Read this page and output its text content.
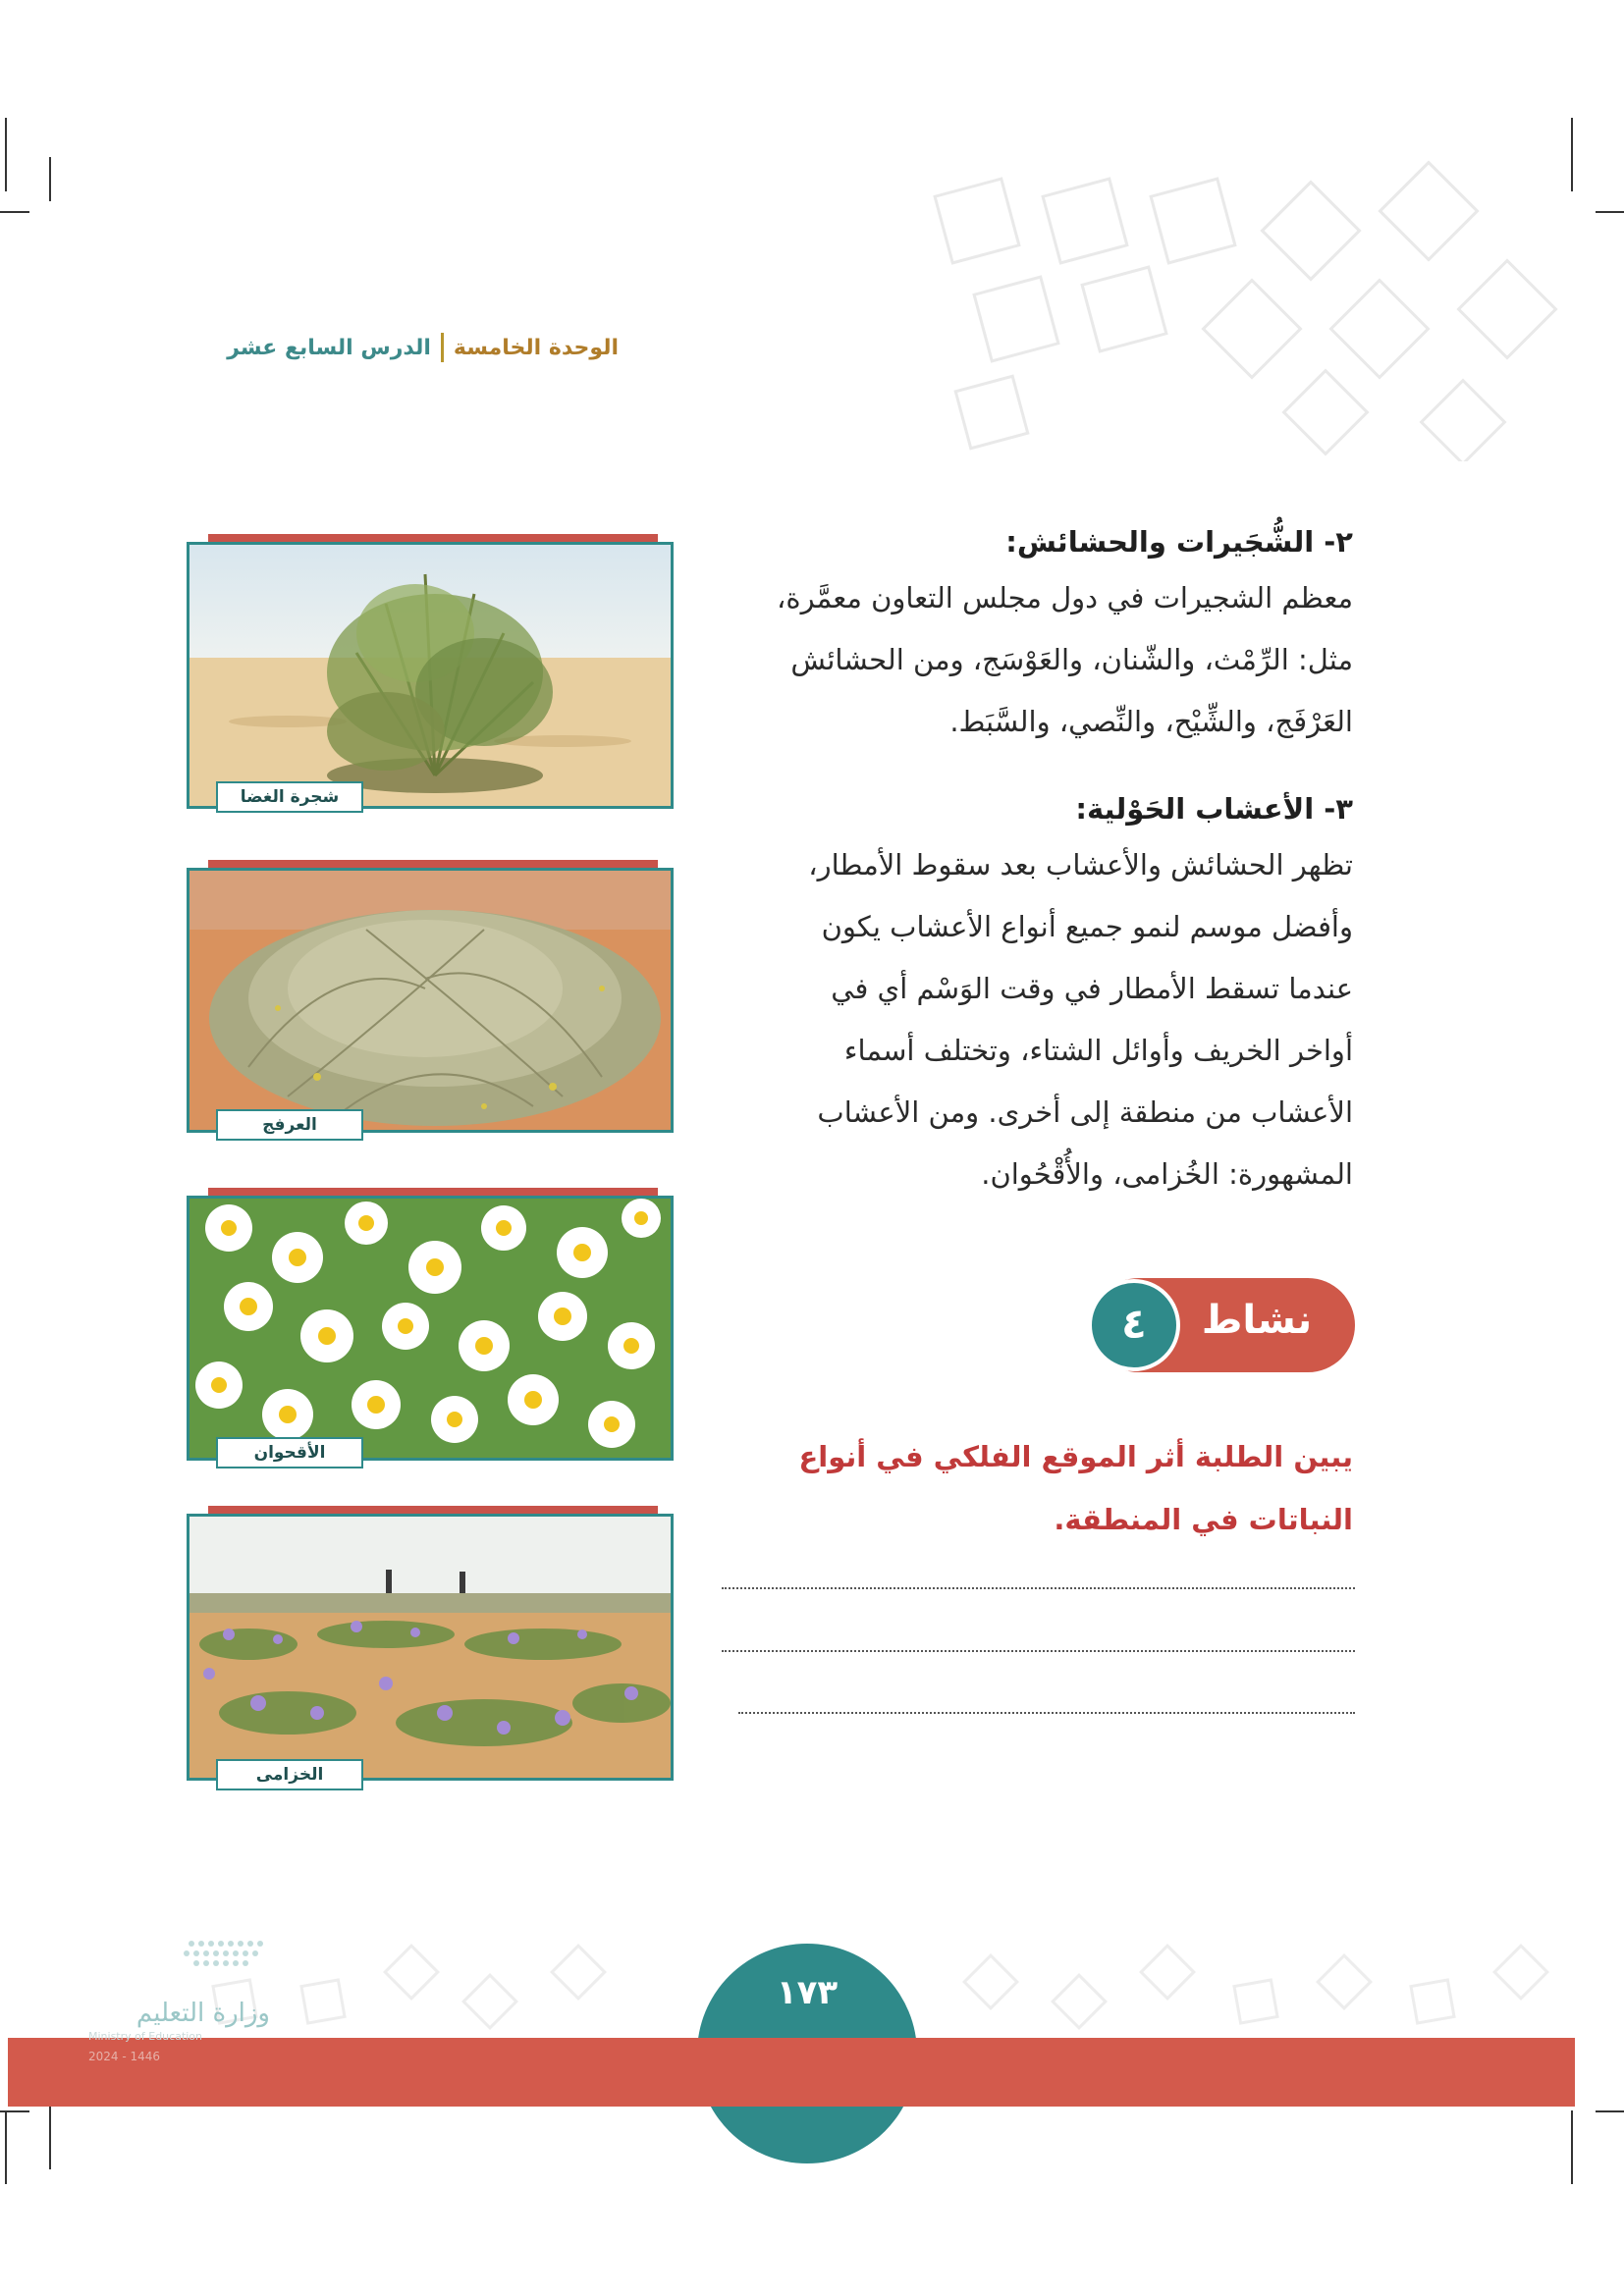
الوحدة الخامسة
الدرس السابع عشر
٢- الشُّجَيرات والحشائش:
معظم الشجيرات في دول مجلس التعاون معمَّرة،
مثل: الرِّمْث، والشّنان، والعَوْسَج، ومن الحشائش
العَرْفَج، والشِّيْح، والنِّصي، والسَّبَط.
٣- الأعشاب الحَوْلية:
تظهر الحشائش والأعشاب بعد سقوط الأمطار،
وأفضل موسم لنمو جميع أنواع الأعشاب يكون
عندما تسقط الأمطار في وقت الوَسْم أي في
أواخر الخريف وأوائل الشتاء، وتختلف أسماء
الأعشاب من منطقة إلى أخرى. ومن الأعشاب
المشهورة: الخُزامى، والأُقْحُوان.
شجرة الغضا
العرفج
الأقحوان
الخزامى
نشاط
٤
يبين الطلبة أثر الموقع الفلكي في أنواع النباتات في المنطقة.
١٧٣
وزارة التعليم
Ministry of Education
2024 - 1446
